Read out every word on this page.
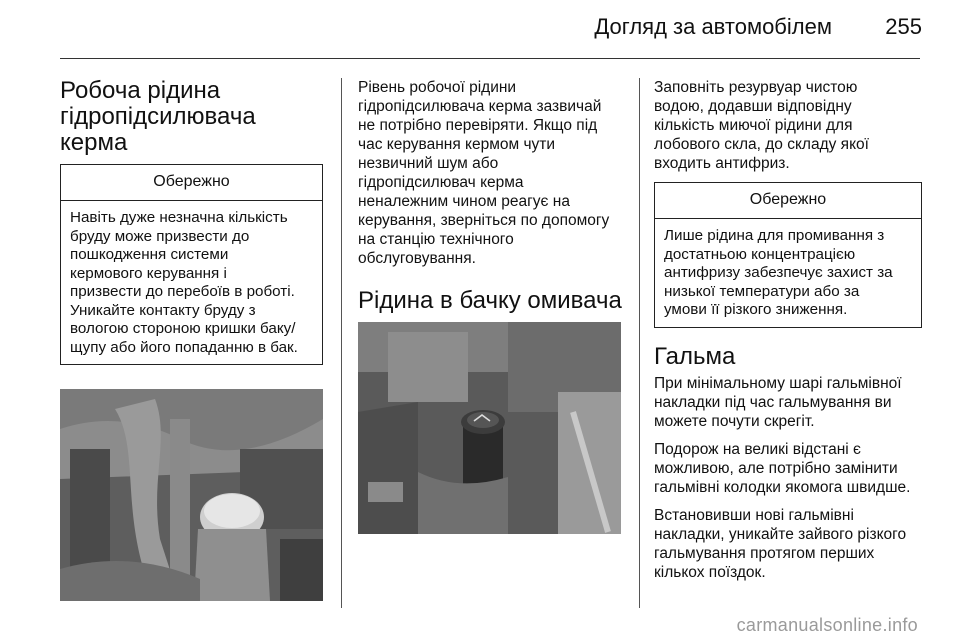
Догляд за автомобілем 255
Робоча рідина
гідропідсилювача керма
Обережно
Навіть дуже незначна кількість
бруду може призвести до
пошкодження системи
кермового керування і
призвести до перебоїв в роботі.
Уникайте контакту бруду з
вологою стороною кришки баку/
щупу або його попаданню в бак.

Рівень робочої рідини
гідропідсилювача керма зазвичай
не потрібно перевіряти. Якщо під
час керування кермом чути
незвичний шум або
гідропідсилювач керма
неналежним чином реагує на
керування, зверніться по допомогу
на станцію технічного
обслуговування.

Рідина в бачку омивача

Заповніть резурвуар чистою
водою, додавши відповідну
кількість миючої рідини для
лобового скла, до складу якої
входить антифриз.

Обережно
Лише рідина для промивання з
достатньою концентрацією
антифризу забезпечує захист за
низької температури або за
умови її різкого зниження.
Гальма

При мінімальному шарі гальмівної
накладки під час гальмування ви
можете почути скрегіт.

Подорож на великі відстані є
можливою, але потрібно замінити
гальмівні колодки якомога швидше.

Встановивши нові гальмівні
накладки, уникайте зайвого різкого
гальмування протягом перших
кількох поїздок.

carmanualsonline.info
